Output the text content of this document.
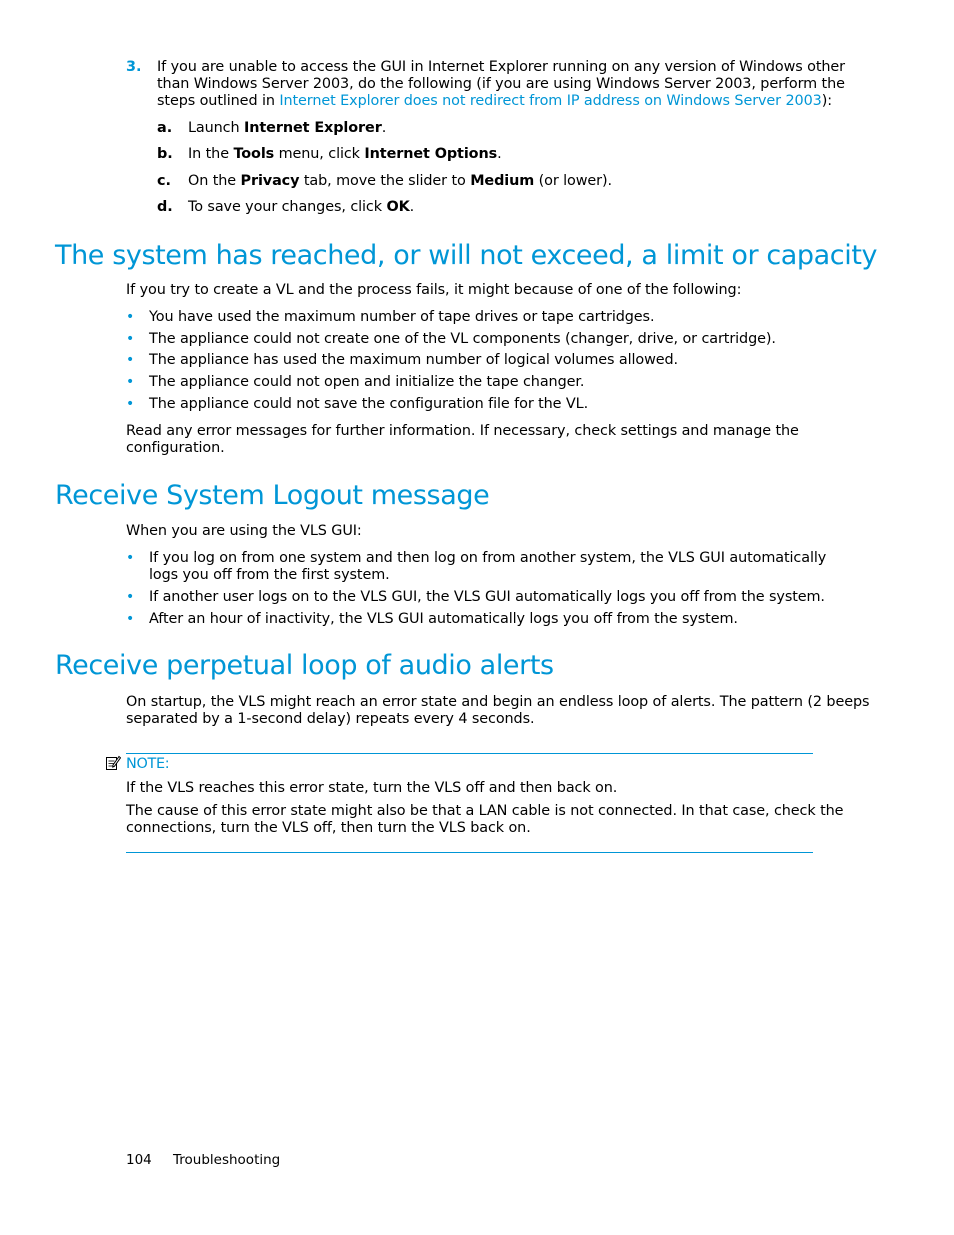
3. If you are unable to access the GUI in Internet Explorer running on any version of Windows other
than Windows Server 2003, do the following (if you are using Windows Server 2003, perform the
steps outlined in Internet Explorer does not redirect from IP address on Windows Server 2003):
a. Launch Internet Explorer.
b. In the Tools menu, click Internet Options.
c. On the Privacy tab, move the slider to Medium (or lower).
d. To save your changes, click OK.
The system has reached, or will not exceed, a limit or capacity
If you try to create a VL and the process fails, it might because of one of the following:
• You have used the maximum number of tape drives or tape cartridges.
• The appliance could not create one of the VL components (changer, drive, or cartridge).
• The appliance has used the maximum number of logical volumes allowed.
• The appliance could not open and initialize the tape changer.
• The appliance could not save the configuration file for the VL.
Read any error messages for further information. If necessary, check settings and manage the
configuration.
Receive System Logout message
When you are using the VLS GUI:
• If you log on from one system and then log on from another system, the VLS GUI automatically
logs you off from the first system.
• If another user logs on to the VLS GUI, the VLS GUI automatically logs you off from the system.
• After an hour of inactivity, the VLS GUI automatically logs you off from the system.
Receive perpetual loop of audio alerts
On startup, the VLS might reach an error state and begin an endless loop of alerts. The pattern (2 beeps
separated by a 1-second delay) repeats every 4 seconds.
NOTE:
If the VLS reaches this error state, turn the VLS off and then back on.
The cause of this error state might also be that a LAN cable is not connected. In that case, check the
connections, turn the VLS off, then turn the VLS back on.
104 Troubleshooting
